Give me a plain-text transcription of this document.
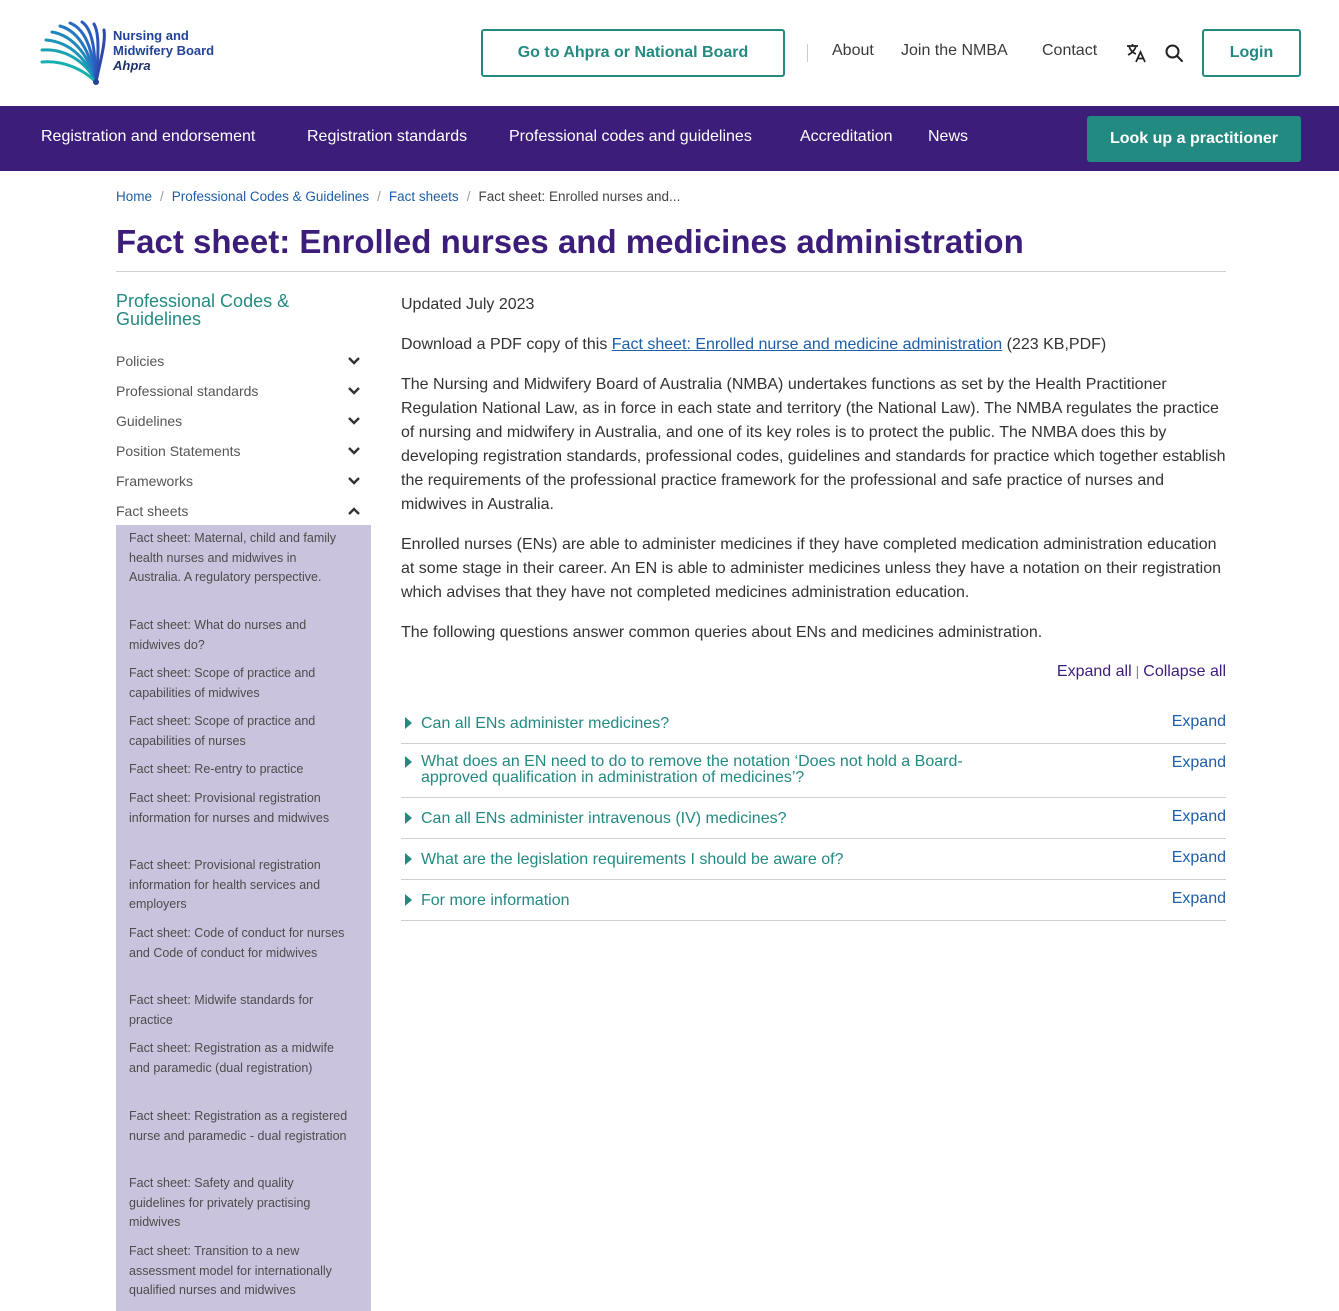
Nursing and
Midwifery Board
Ahpra
Go to Ahpra or National Board	About Join the NMBA Contact	Login
Registration and endorsement	Registration standards	Professional codes and guidelines	Accreditation News	Look up a practitioner
Home / Professional Codes & Guidelines / Fact sheets / Fact sheet: Enrolled nurses and...
Fact sheet: Enrolled nurses and medicines administration
Professional Codes & Guidelines
Policies
Professional standards
Guidelines
Position Statements
Frameworks
Fact sheets
Fact sheet: Maternal, child and family health nurses and midwives in Australia. A regulatory perspective.
Fact sheet: What do nurses and midwives do?
Fact sheet: Scope of practice and capabilities of midwives
Fact sheet: Scope of practice and capabilities of nurses
Fact sheet: Re-entry to practice
Fact sheet: Provisional registration information for nurses and midwives
Fact sheet: Provisional registration information for health services and employers
Fact sheet: Code of conduct for nurses and Code of conduct for midwives
Fact sheet: Midwife standards for practice
Fact sheet: Registration as a midwife and paramedic (dual registration)
Fact sheet: Registration as a registered nurse and paramedic - dual registration
Fact sheet: Safety and quality guidelines for privately practising midwives
Fact sheet: Transition to a new assessment model for internationally qualified nurses and midwives
Updated July 2023
Download a PDF copy of this Fact sheet: Enrolled nurse and medicine administration (223 KB,PDF)
The Nursing and Midwifery Board of Australia (NMBA) undertakes functions as set by the Health Practitioner Regulation National Law, as in force in each state and territory (the National Law). The NMBA regulates the practice of nursing and midwifery in Australia, and one of its key roles is to protect the public. The NMBA does this by developing registration standards, professional codes, guidelines and standards for practice which together establish the requirements of the professional practice framework for the professional and safe practice of nurses and midwives in Australia.
Enrolled nurses (ENs) are able to administer medicines if they have completed medication administration education at some stage in their career. An EN is able to administer medicines unless they have a notation on their registration which advises that they have not completed medicines administration education.
The following questions answer common queries about ENs and medicines administration.
Expand all | Collapse all
Can all ENs administer medicines?	Expand
What does an EN need to do to remove the notation ‘Does not hold a Board-approved qualification in administration of medicines’?
Expand
Can all ENs administer intravenous (IV) medicines?	Expand
What are the legislation requirements I should be aware of?	Expand
For more information	Expand
